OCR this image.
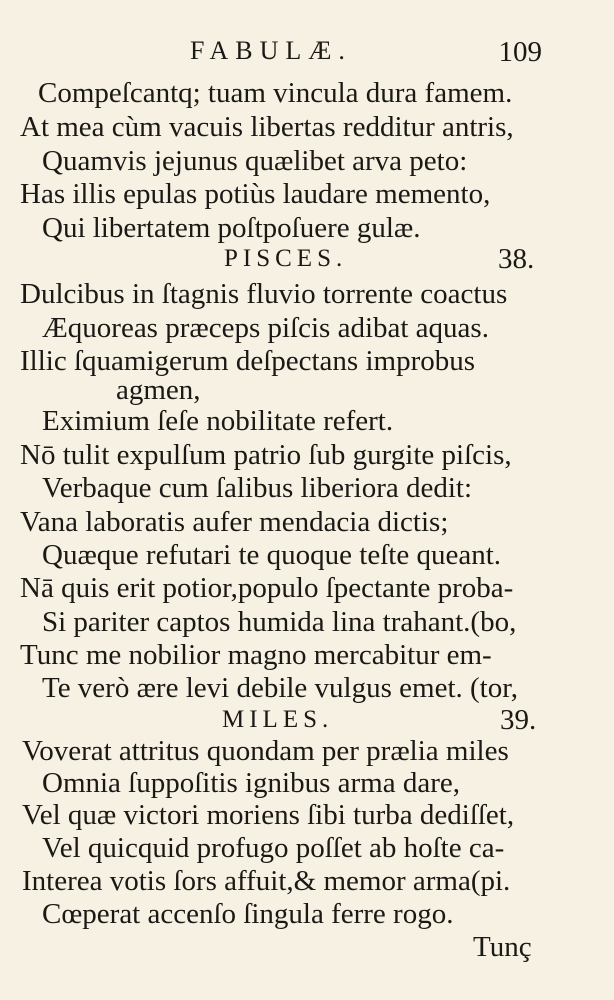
FABULÆ.	109
Compeſcantq; tuam vincula dura famem.
At mea cùm vacuis libertas redditur antris,
Quamvis jejunus quælibet arva peto:
Has illis epulas potiùs laudare memento,
Qui libertatem poſtpoſuere gulæ.
PISCES.	38.
Dulcibus in ſtagnis fluvio torrente coactus
Æquoreas præceps piſcis adibat aquas.
Illic ſquamigerum deſpectans improbus
agmen,
Eximium ſeſe nobilitate refert.
Nō tulit expulſum patrio ſub gurgite piſcis,
Verbaque cum ſalibus liberiora dedit:
Vana laboratis aufer mendacia dictis;
Quæque refutari te quoque teſte queant.
Nā quis erit potior,populo ſpectante proba-
Si pariter captos humida lina trahant.(bo,
Tunc me nobilior magno mercabitur em-
Te verò ære levi debile vulgus emet. (tor,
MILES.	39.
Voverat attritus quondam per prælia miles
Omnia ſuppoſitis ignibus arma dare,
Vel quæ victori moriens ſibi turba dediſſet,
Vel quicquid profugo poſſet ab hoſte ca-
Interea votis ſors affuit,& memor arma(pi.
Cœperat accenſo ſingula ferre rogo.
Tunç
